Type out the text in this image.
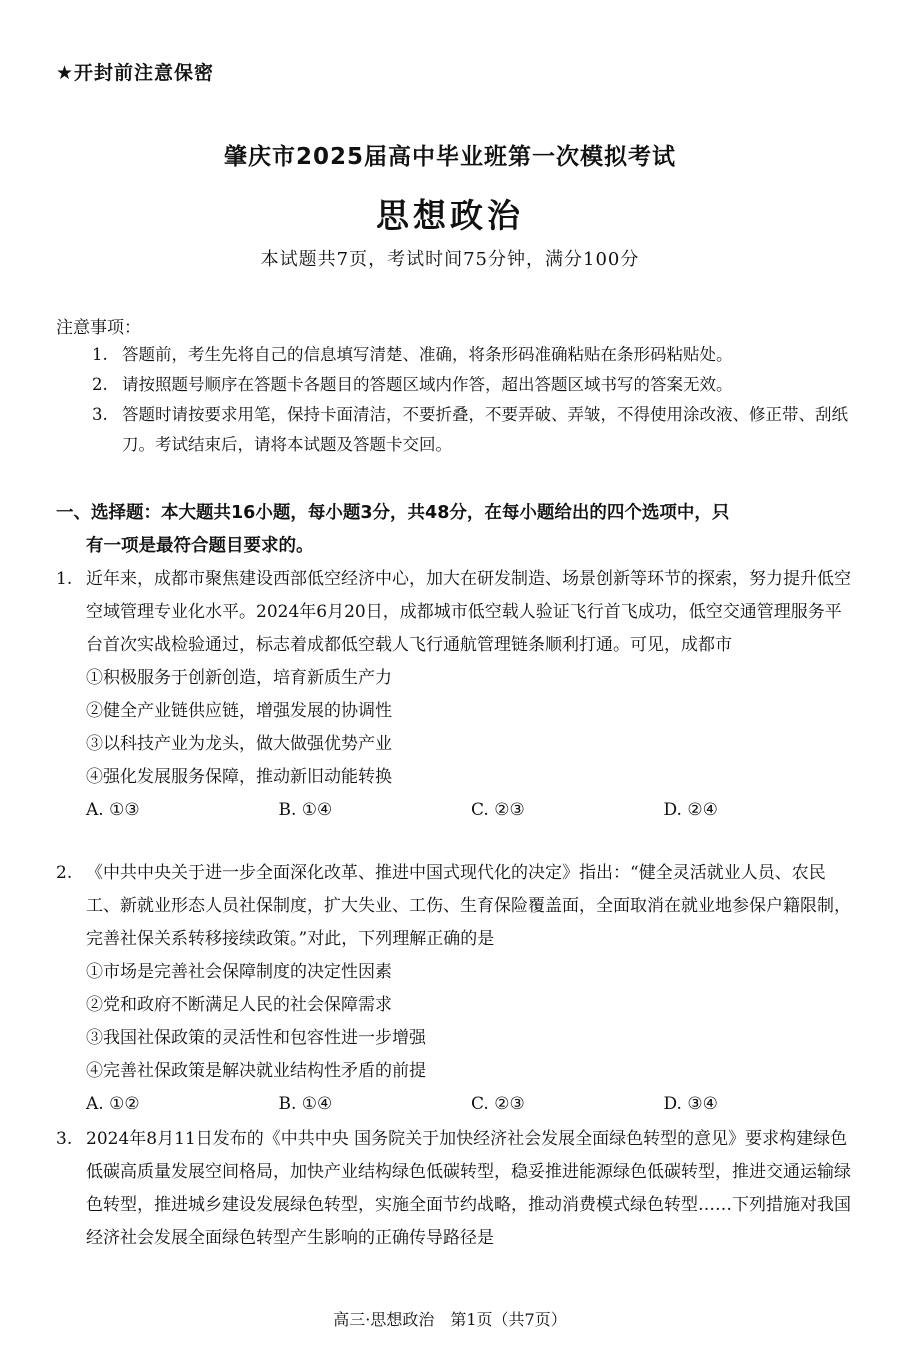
★开封前注意保密
肇庆市2025届高中毕业班第一次模拟考试
思想政治
本试题共7页，考试时间75分钟，满分100分
注意事项：
1. 答题前，考生先将自己的信息填写清楚、准确，将条形码准确粘贴在条形码粘贴处。
2. 请按照题号顺序在答题卡各题目的答题区域内作答，超出答题区域书写的答案无效。
3. 答题时请按要求用笔，保持卡面清洁，不要折叠，不要弄破、弄皱，不得使用涂改液、修正带、刮纸刀。考试结束后，请将本试题及答题卡交回。
一、选择题：本大题共16小题，每小题3分，共48分，在每小题给出的四个选项中，只
有一项是最符合题目要求的。
1. 近年来，成都市聚焦建设西部低空经济中心，加大在研发制造、场景创新等环节的探索，努力提升低空空域管理专业化水平。2024年6月20日，成都城市低空载人验证飞行首飞成功，低空交通管理服务平台首次实战检验通过，标志着成都低空载人飞行通航管理链条顺利打通。可见，成都市
①积极服务于创新创造，培育新质生产力
②健全产业链供应链，增强发展的协调性
③以科技产业为龙头，做大做强优势产业
④强化发展服务保障，推动新旧动能转换
A. ①③	B. ①④	C. ②③	D. ②④
2. 《中共中央关于进一步全面深化改革、推进中国式现代化的决定》指出：“健全灵活就业人员、农民工、新就业形态人员社保制度，扩大失业、工伤、生育保险覆盖面，全面取消在就业地参保户籍限制，完善社保关系转移接续政策。”对此，下列理解正确的是
①市场是完善社会保障制度的决定性因素
②党和政府不断满足人民的社会保障需求
③我国社保政策的灵活性和包容性进一步增强
④完善社保政策是解决就业结构性矛盾的前提
A. ①②	B. ①④	C. ②③	D. ③④
3. 2024年8月11日发布的《中共中央 国务院关于加快经济社会发展全面绿色转型的意见》要求构建绿色低碳高质量发展空间格局，加快产业结构绿色低碳转型，稳妥推进能源绿色低碳转型，推进交通运输绿色转型，推进城乡建设发展绿色转型，实施全面节约战略，推动消费模式绿色转型……下列措施对我国经济社会发展全面绿色转型产生影响的正确传导路径是
高三·思想政治　第1页（共7页）
